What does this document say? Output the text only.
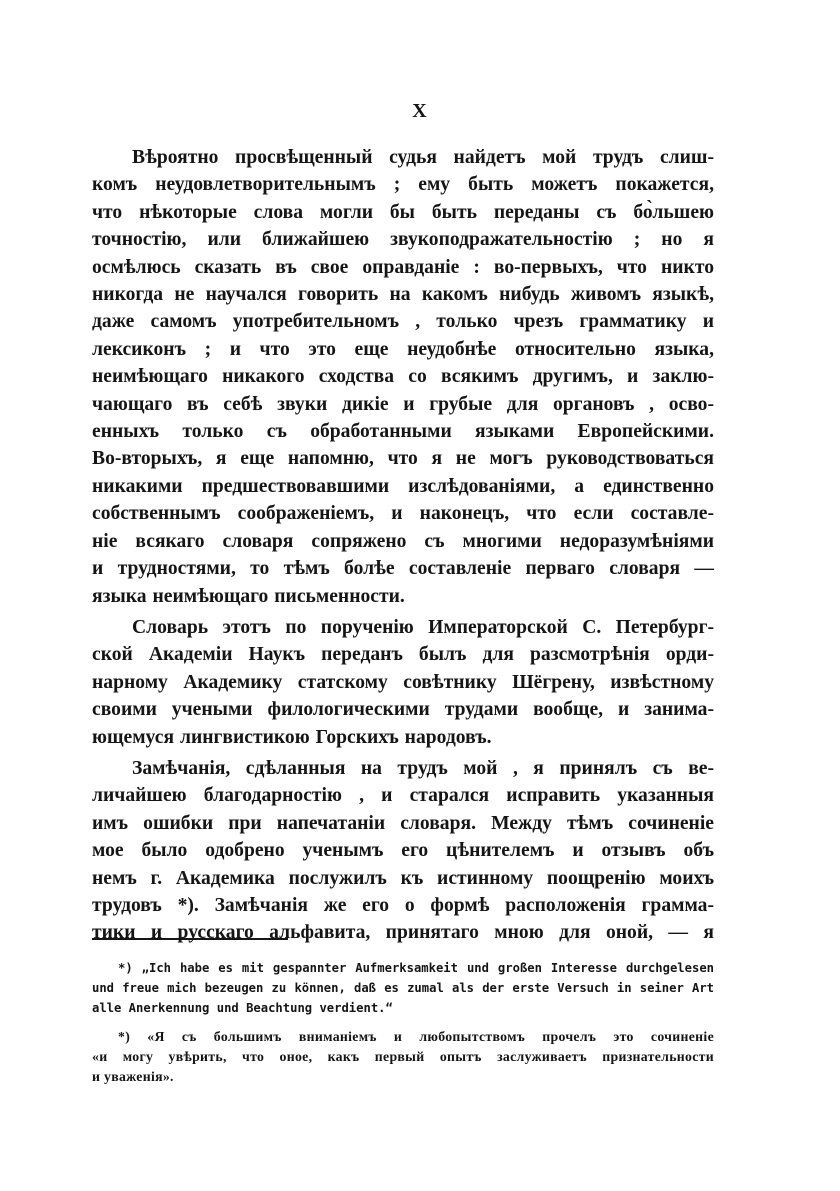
X
Вѣроятно просвѣщенный судья найдетъ мой трудъ слиш-
комъ неудовлетворительнымъ ; ему быть можетъ покажется,
что нѣкоторые слова могли бы быть переданы съ бо̀льшею
точностію, или ближайшею звукоподражательностію ; но я
осмѣлюсь сказать въ свое оправданіе : во-первыхъ, что никто
никогда не научался говорить на какомъ нибудь живомъ языкѣ,
даже самомъ употребительномъ , только чрезъ грамматику и
лексиконъ ; и что это еще неудобнѣе относительно языка,
неимѣющаго никакого сходства со всякимъ другимъ, и заклю-
чающаго въ себѣ звуки дикіе и грубые для органовъ , осво-
енныхъ только съ обработанными языками Европейскими.
Во-вторыхъ, я еще напомню, что я не могъ руководствоваться
никакими предшествовавшими изслѣдованіями, а единственно
собственнымъ соображеніемъ, и наконецъ, что если составле-
ніе всякаго словаря сопряжено съ многими недоразумѣніями
и трудностями, то тѣмъ болѣе составленіе перваго словаря —
языка неимѣющаго письменности.
Словарь этотъ по порученію Императорской С. Петербург-
ской Академіи Наукъ переданъ былъ для разсмотрѣнія орди-
нарному Академику статскому совѣтнику Шёгрену, извѣстному
своими учеными филологическими трудами вообще, и занима-
ющемуся лингвистикою Горскихъ народовъ.
Замѣчанія, сдѣланныя на трудъ мой , я принялъ съ ве-
личайшею благодарностію , и старался исправить указанныя
имъ ошибки при напечатаніи словаря. Между тѣмъ сочиненіе
мое было одобрено ученымъ его цѣнителемъ и отзывъ объ
немъ г. Академика послужилъ къ истинному поощренію моихъ
трудовъ *). Замѣчанія же его о формѣ расположенія грамма-
тики и русскаго альфавита, принятаго мною для оной, — я
*) „Ich habe es mit gespannter Aufmerksamkeit und großen Interesse durchgelesen
und freue mich bezeugen zu können, daß es zumal als der erste Versuch in seiner Art
alle Anerkennung und Beachtung verdient.“
*) «Я съ большимъ вниманіемъ и любопытствомъ прочелъ это сочиненіе
«и могу увѣрить, что оное, какъ первый опытъ заслуживаетъ признательности
и уваженія».
